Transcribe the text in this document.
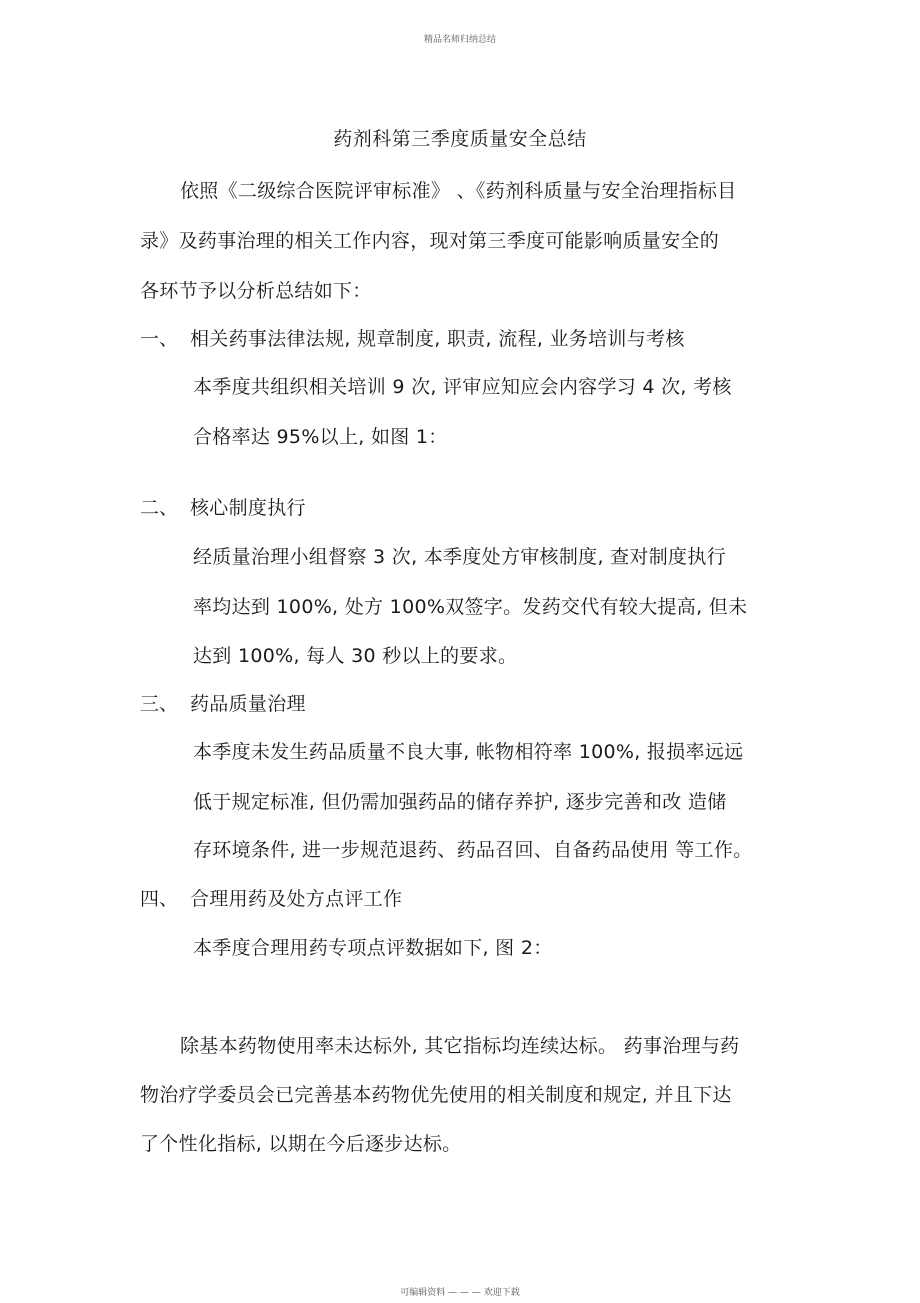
精品名师归纳总结
药剂科第三季度质量安全总结
依照《二级综合医院评审标准》 、《药剂科质量与安全治理指标目
录》及药事治理的相关工作内容，现对第三季度可能影响质量安全的
各环节予以分析总结如下：
一、 相关药事法律法规, 规章制度, 职责, 流程, 业务培训与考核
本季度共组织相关培训 9 次, 评审应知应会内容学习 4 次, 考核
合格率达 95%以上, 如图 1：
二、 核心制度执行
经质量治理小组督察 3 次, 本季度处方审核制度, 查对制度执行
率均达到 100%, 处方 100%双签字。发药交代有较大提高, 但未
达到 100%, 每人 30 秒以上的要求。
三、 药品质量治理
本季度未发生药品质量不良大事, 帐物相符率 100%, 报损率远远
低于规定标准, 但仍需加强药品的储存养护, 逐步完善和改 造储
存环境条件, 进一步规范退药、药品召回、自备药品使用 等工作。
四、 合理用药及处方点评工作
本季度合理用药专项点评数据如下, 图 2：
除基本药物使用率未达标外, 其它指标均连续达标。 药事治理与药
物治疗学委员会已完善基本药物优先使用的相关制度和规定, 并且下达
了个性化指标, 以期在今后逐步达标。
可编辑资料 — — — 欢迎下载
